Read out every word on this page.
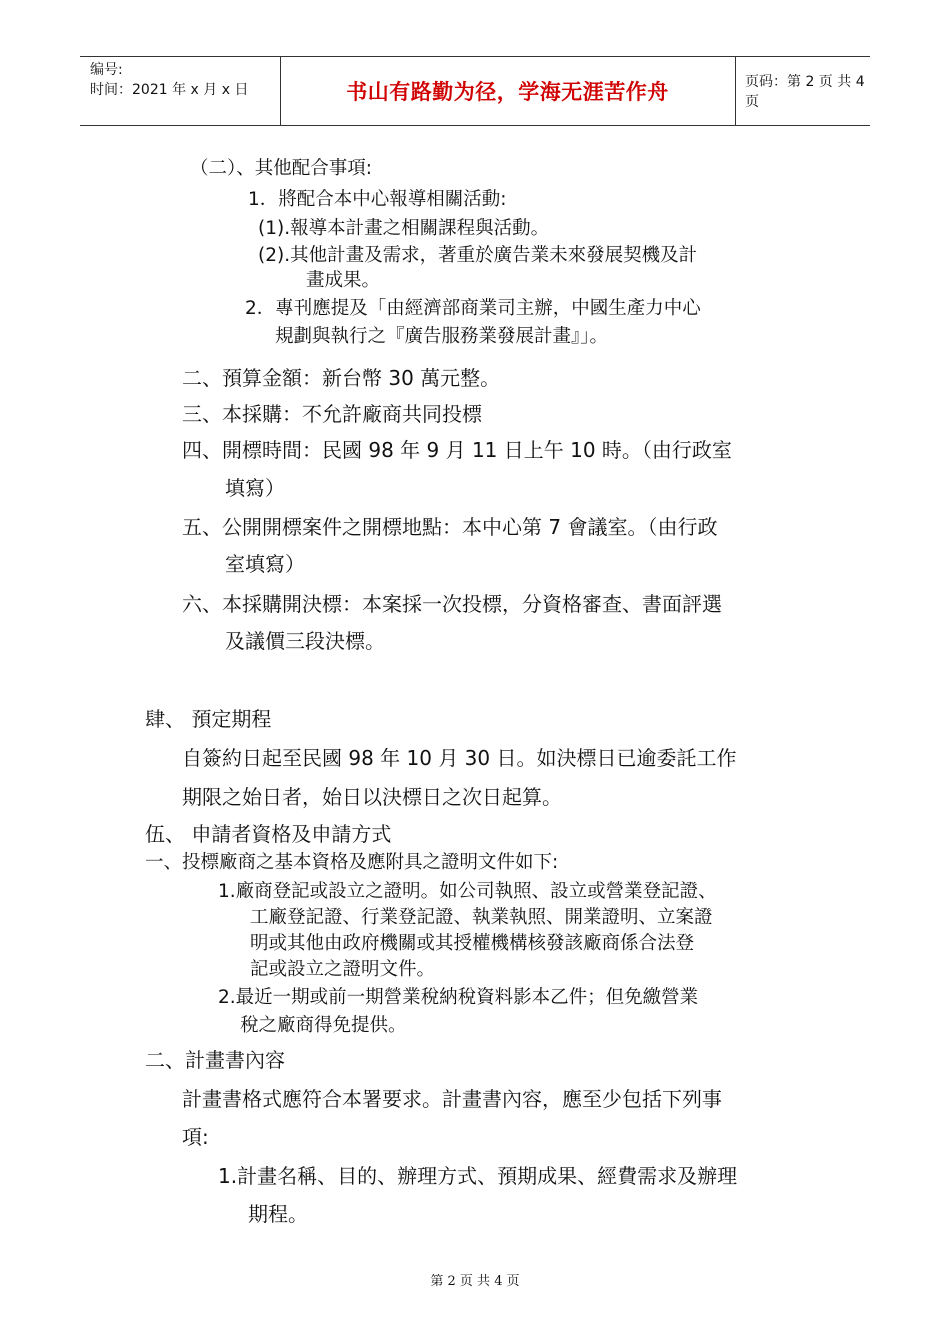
编号:
时间：2021 年 x 月 x 日	书山有路勤为径，学海无涯苦作舟	页码：第 2 页 共 4 页
（二）、其他配合事項:
1．將配合本中心報導相關活動:
(1).報導本計畫之相關課程與活動。
(2).其他計畫及需求，著重於廣告業未來發展契機及計
畫成果。
2．專刊應提及「由經濟部商業司主辦，中國生產力中心
規劃與執行之『廣告服務業發展計畫』」。
二、預算金額：新台幣 30 萬元整。
三、本採購：不允許廠商共同投標
四、開標時間：民國 98 年 9 月 11 日上午 10 時。（由行政室
填寫）
五、公開開標案件之開標地點：本中心第 7 會議室。（由行政
室填寫）
六、本採購開決標：本案採一次投標，分資格審查、書面評選
及議價三段決標。
肆、 預定期程
自簽約日起至民國 98 年 10 月 30 日。如決標日已逾委託工作
期限之始日者，始日以決標日之次日起算。
伍、 申請者資格及申請方式
一、投標廠商之基本資格及應附具之證明文件如下:
1.廠商登記或設立之證明。如公司執照、設立或營業登記證、
工廠登記證、行業登記證、執業執照、開業證明、立案證
明或其他由政府機關或其授權機構核發該廠商係合法登
記或設立之證明文件。
2.最近一期或前一期營業稅納稅資料影本乙件；但免繳營業
稅之廠商得免提供。
二、計畫書內容
計畫書格式應符合本署要求。計畫書內容，應至少包括下列事
項:
1.計畫名稱、目的、辦理方式、預期成果、經費需求及辦理
期程。
第 2 页 共 4 页
